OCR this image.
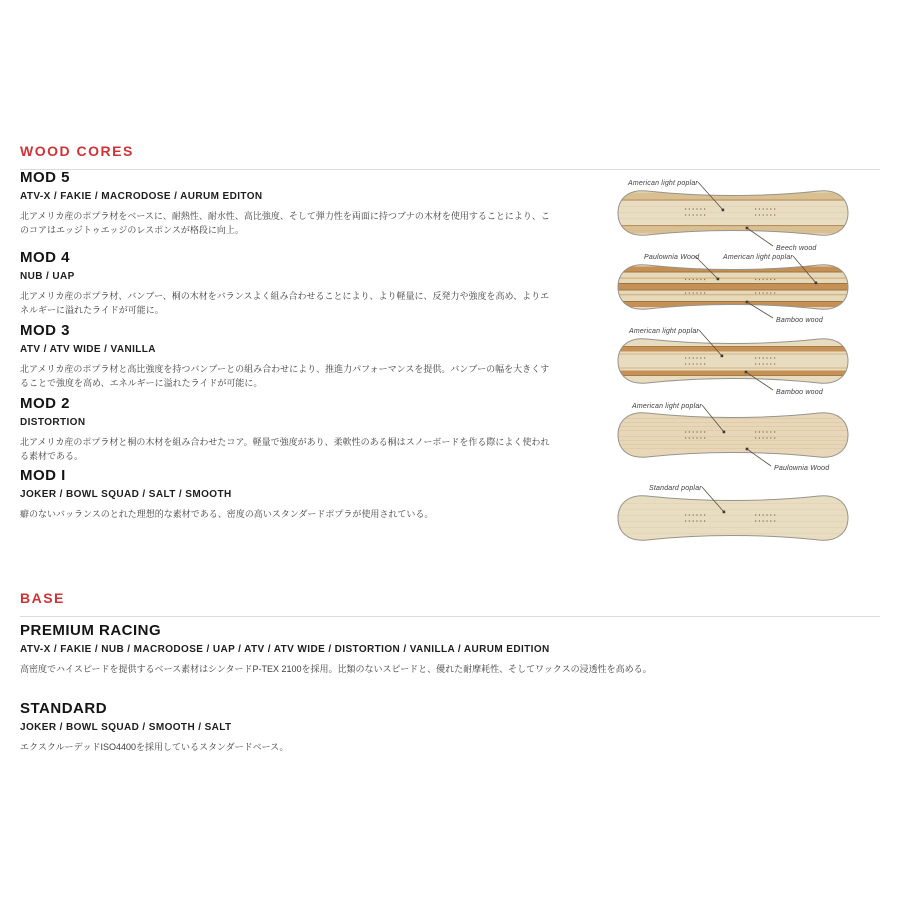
WOOD CORES
MOD 5
ATV-X / FAKIE / MACRODOSE / AURUM EDITON

北アメリカ産のポプラ材をベースに、耐熱性、耐水性、高比強度、そして弾力性を両面に持つブナの木材を使用することにより、このコアはエッジトゥエッジのレスポンスが格段に向上。

MOD 4
NUB / UAP

北アメリカ産のポプラ材、バンブー、桐の木材をバランスよく組み合わせることにより、より軽量に、反発力や強度を高め、よりエネルギーに溢れたライドが可能に。

MOD 3
ATV / ATV WIDE / VANILLA

北アメリカ産のポプラ材と高比強度を持つバンブーとの組み合わせにより、推進力パフォーマンスを提供。バンブーの幅を大きくすることで強度を高め、エネルギーに溢れたライドが可能に。

MOD 2
DISTORTION

北アメリカ産のポプラ材と桐の木材を組み合わせたコア。軽量で強度があり、柔軟性のある桐はスノーボードを作る際によく使われる素材である。

MOD I
JOKER / BOWL SQUAD / SALT / SMOOTH

癖のないバッランスのとれた理想的な素材である、密度の高いスタンダードポプラが使用されている。

BASE
PREMIUM RACING
ATV-X / FAKIE / NUB / MACRODOSE / UAP / ATV / ATV WIDE / DISTORTION / VANILLA / AURUM EDITION

高密度でハイスピードを提供するベース素材はシンタードP-TEX 2100を採用。比類のないスピードと、優れた耐摩耗性、そしてワックスの浸透性を高める。

STANDARD
JOKER / BOWL SQUAD / SMOOTH / SALT

エクスクルーデッドISO4400を採用しているスタンダードベース。

American light poplar
Beech wood
Paulownia Wood	American light poplar
Bamboo wood
American light poplar
Bamboo wood
American light poplar
Paulownia Wood
Standard poplar
